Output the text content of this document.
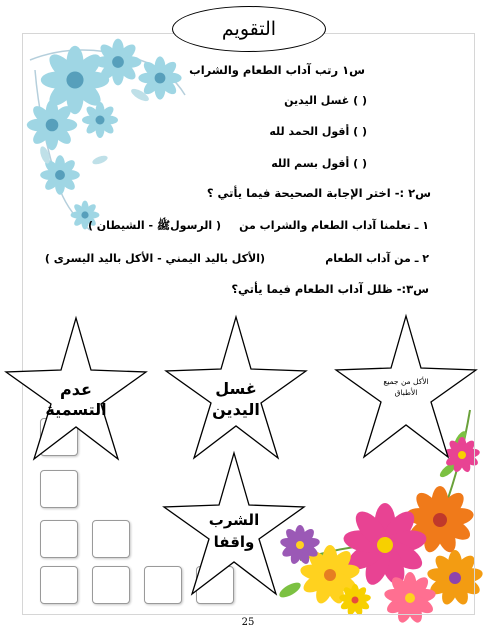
التقويم
س١ رتب آداب الطعام والشراب
( ) غسل اليدين
( ) أقول الحمد لله
( ) أقول بسم الله
س٢ :- اختر الإجابة الصحيحة فيما يأتي ؟
١ ـ تعلمنا آداب الطعام والشراب من
( الرسولﷺ - الشيطان )
٢ ـ من آداب الطعام
(الأكل باليد اليمني - الأكل باليد اليسرى )
س٣:- ظلل آداب الطعام فيما يأتي؟
عدم
التسمية
غسل
اليدين
الأكل من جميع
الأطباق
الشرب
واقفا
25
